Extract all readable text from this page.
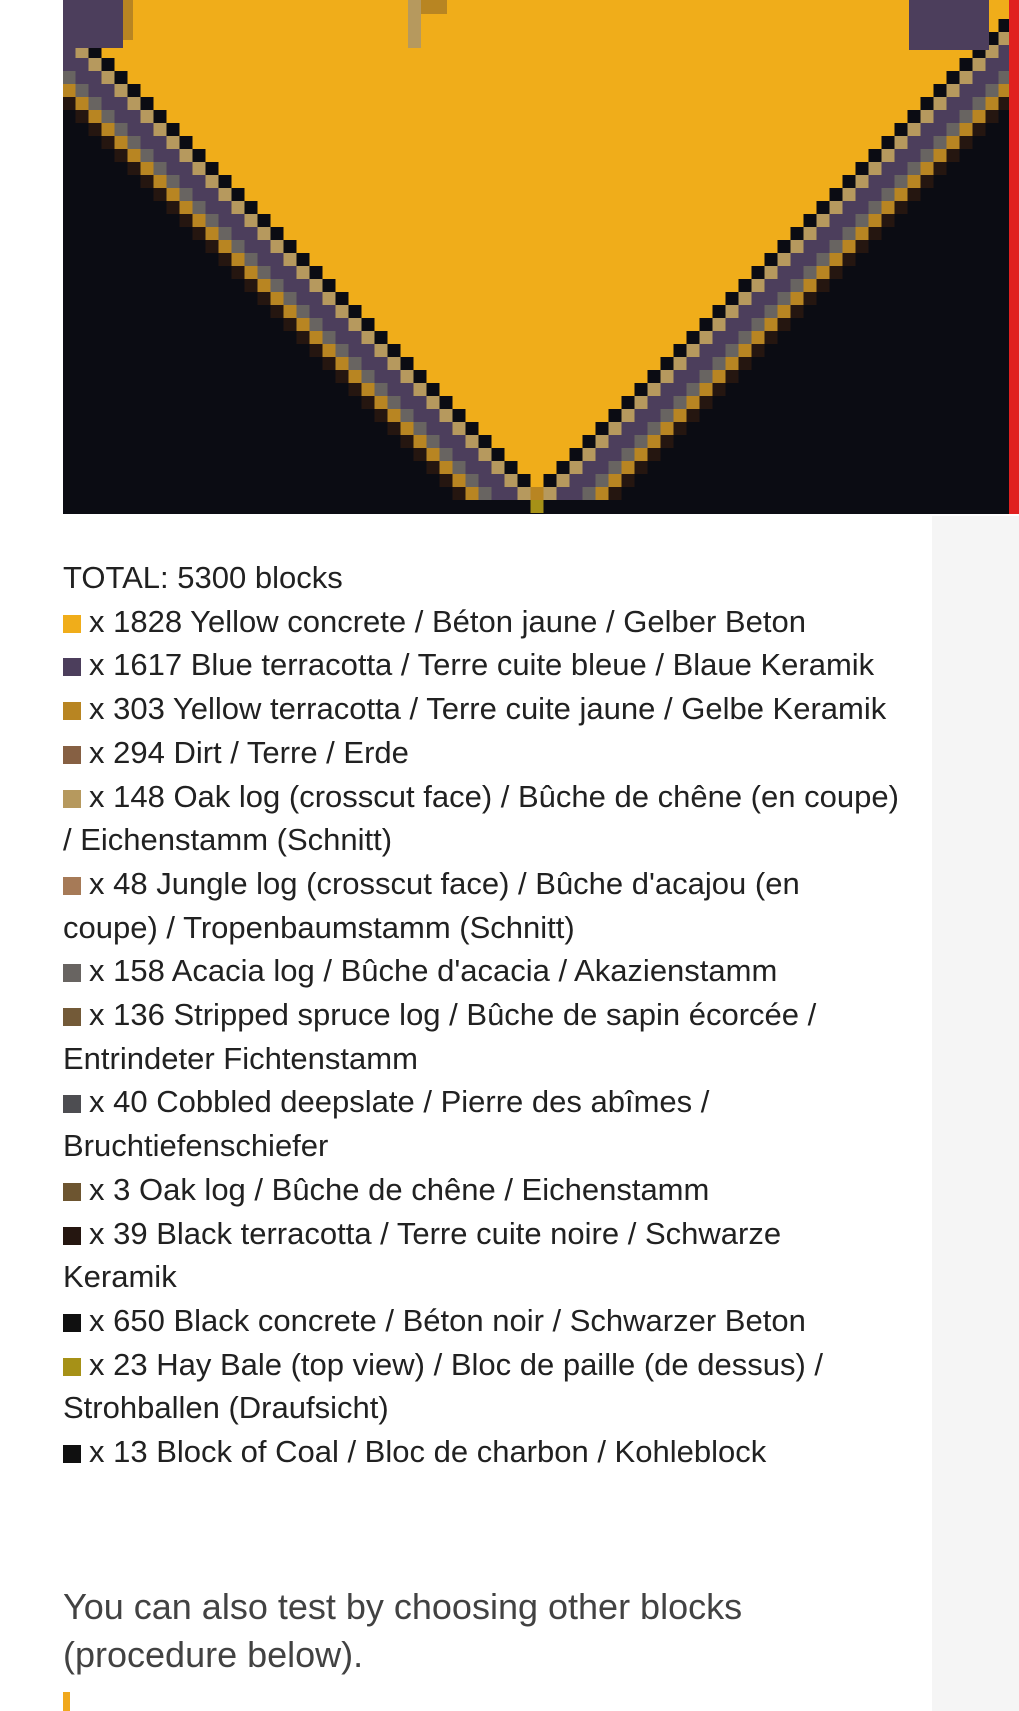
TOTAL: 5300 blocks
x 1828 Yellow concrete / Béton jaune / Gelber Beton
x 1617 Blue terracotta / Terre cuite bleue / Blaue Keramik
x 303 Yellow terracotta / Terre cuite jaune / Gelbe Keramik
x 294 Dirt / Terre / Erde
x 148 Oak log (crosscut face) / Bûche de chêne (en coupe) / Eichenstamm (Schnitt)
x 48 Jungle log (crosscut face) / Bûche d'acajou (en coupe) / Tropenbaumstamm (Schnitt)
x 158 Acacia log / Bûche d'acacia / Akazienstamm
x 136 Stripped spruce log / Bûche de sapin écorcée / Entrindeter Fichtenstamm
x 40 Cobbled deepslate / Pierre des abîmes / Bruchtiefenschiefer
x 3 Oak log / Bûche de chêne / Eichenstamm
x 39 Black terracotta / Terre cuite noire / Schwarze Keramik
x 650 Black concrete / Béton noir / Schwarzer Beton
x 23 Hay Bale (top view) / Bloc de paille (de dessus) / Strohballen (Draufsicht)
x 13 Block of Coal / Bloc de charbon / Kohleblock
You can also test by choosing other blocks (procedure below).
